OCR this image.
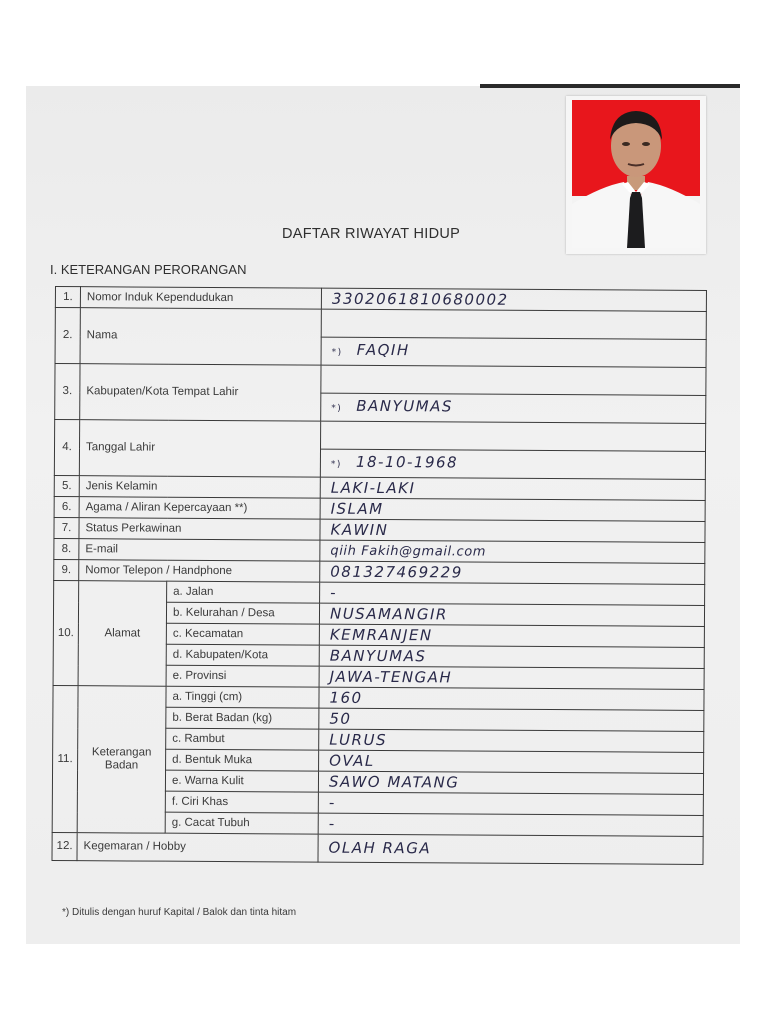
DAFTAR RIWAYAT HIDUP
I. KETERANGAN PERORANGAN
1.	Nomor Induk Kependudukan		3302061810680002
2.	Nama		
			*) FAQIH
3.	Kabupaten/Kota Tempat Lahir		
			*) BANYUMAS
4.	Tanggal Lahir		
			*) 18-10-1968
5.	Jenis Kelamin		LAKI-LAKI
6.	Agama / Aliran Kepercayaan **)		ISLAM
7.	Status Perkawinan		KAWIN
8.	E-mail		qiih Fakih@gmail.com
9.	Nomor Telepon / Handphone		081327469229
10.	Alamat	a. Jalan	-
		b. Kelurahan / Desa	NUSAMANGIR
		c. Kecamatan	KEMRANJEN
		d. Kabupaten/Kota	BANYUMAS
		e. Provinsi	JAWA-TENGAH
11.	Keterangan Badan	a. Tinggi (cm)	160
		b. Berat Badan (kg)	50
		c. Rambut	LURUS
		d. Bentuk Muka	OVAL
		e. Warna Kulit	SAWO MATANG
		f. Ciri Khas	-
		g. Cacat Tubuh	-
12.	Kegemaran / Hobby		OLAH RAGA
*) Ditulis dengan huruf Kapital / Balok dan tinta hitam
